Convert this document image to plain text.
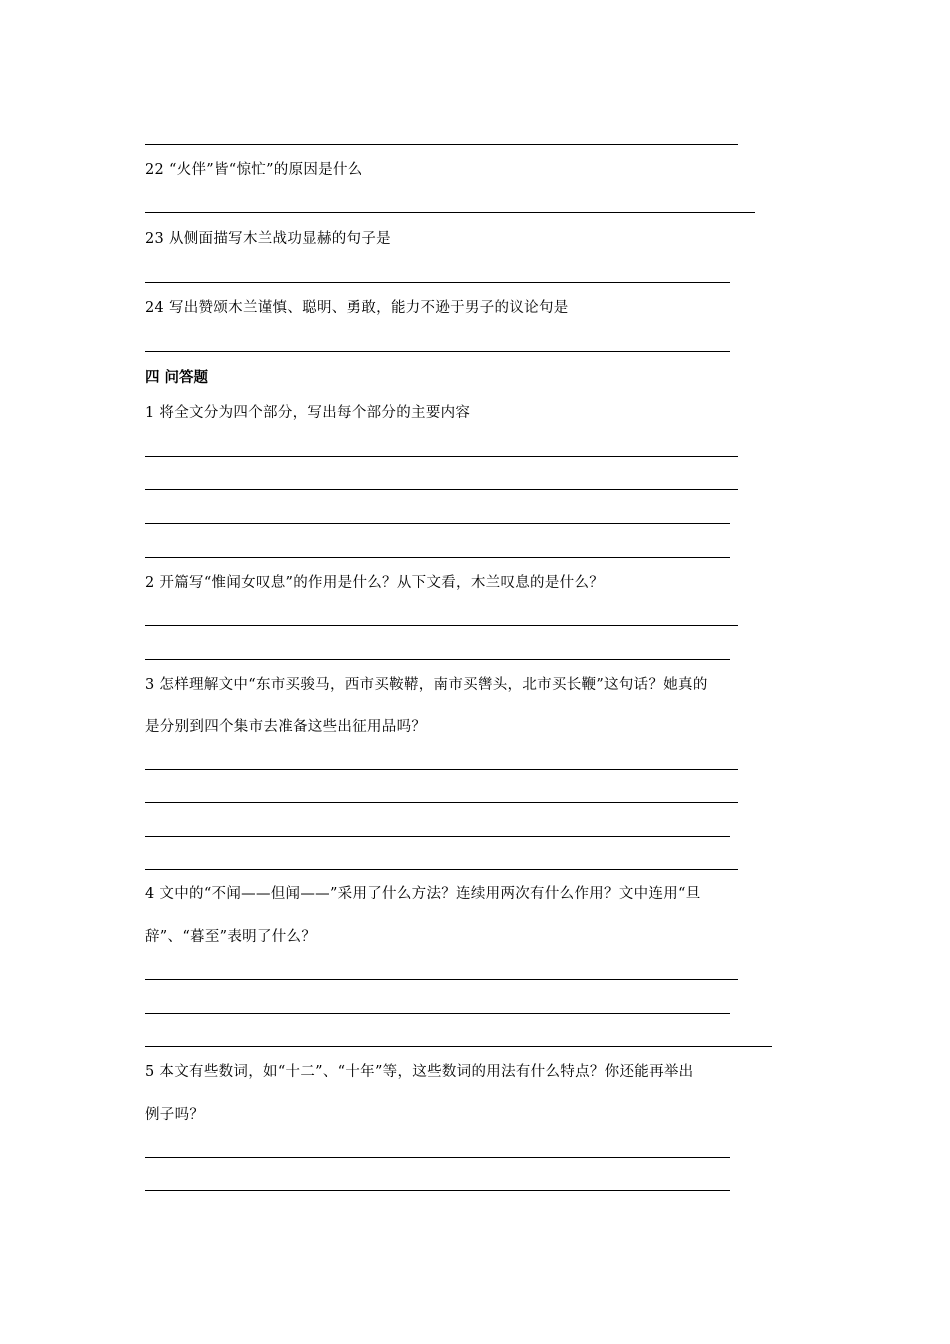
22 “火伴”皆“惊忙”的原因是什么
23 从侧面描写木兰战功显赫的句子是
24 写出赞颂木兰谨慎、聪明、勇敢，能力不逊于男子的议论句是
四 问答题
1 将全文分为四个部分，写出每个部分的主要内容
2 开篇写“惟闻女叹息”的作用是什么？从下文看，木兰叹息的是什么？
3 怎样理解文中“东市买骏马，西市买鞍鞯，南市买辔头，北市买长鞭”这句话？她真的
是分别到四个集市去准备这些出征用品吗？
4 文中的“不闻——但闻——”采用了什么方法？连续用两次有什么作用？文中连用“旦
辞”、“暮至”表明了什么？
5 本文有些数词，如“十二”、“十年”等，这些数词的用法有什么特点？你还能再举出
例子吗？
